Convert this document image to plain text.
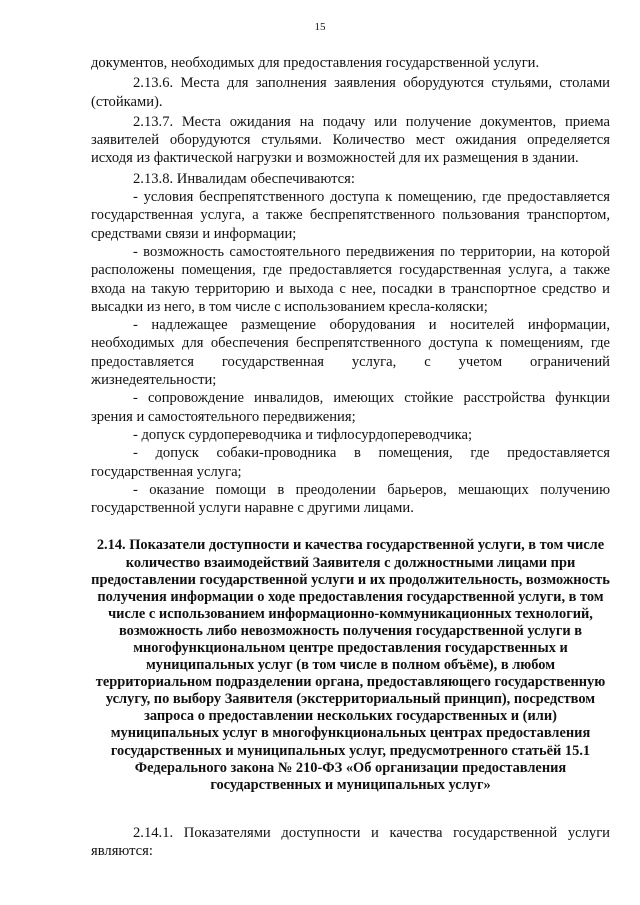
15

документов, необходимых для предоставления государственной услуги.

2.13.6. Места для заполнения заявления оборудуются стульями, столами (стойками).

2.13.7. Места ожидания на подачу или получение документов, приема заявителей оборудуются стульями. Количество мест ожидания определяется исходя из фактической нагрузки и возможностей для их размещения в здании.

2.13.8. Инвалидам обеспечиваются:

- условия беспрепятственного доступа к помещению, где предоставляется государственная услуга, а также беспрепятственного пользования транспортом, средствами связи и информации;

- возможность самостоятельного передвижения по территории, на которой расположены помещения, где предоставляется государственная услуга, а также входа на такую территорию и выхода с нее, посадки в транспортное средство и высадки из него, в том числе с использованием кресла-коляски;

- надлежащее размещение оборудования и носителей информации, необходимых для обеспечения беспрепятственного доступа к помещениям, где предоставляется государственная услуга, с учетом ограничений жизнедеятельности;

- сопровождение инвалидов, имеющих стойкие расстройства функции зрения и самостоятельного передвижения;

- допуск сурдопереводчика и тифлосурдопереводчика;

- допуск собаки-проводника в помещения, где предоставляется государственная услуга;

- оказание помощи в преодолении барьеров, мешающих получению государственной услуги наравне с другими лицами.

2.14. Показатели доступности и качества государственной услуги, в том числе количество взаимодействий Заявителя с должностными лицами при предоставлении государственной услуги и их продолжительность, возможность получения информации о ходе предоставления государственной услуги, в том числе с использованием информационно-коммуникационных технологий, возможность либо невозможность получения государственной услуги в многофункциональном центре предоставления государственных и муниципальных услуг (в том числе в полном объёме), в любом территориальном подразделении органа, предоставляющего государственную услугу, по выбору Заявителя (экстерриториальный принцип), посредством запроса о предоставлении нескольких государственных и (или) муниципальных услуг в многофункциональных центрах предоставления государственных и муниципальных услуг, предусмотренного статьёй 15.1 Федерального закона № 210-ФЗ «Об организации предоставления государственных и муниципальных услуг»

2.14.1. Показателями доступности и качества государственной услуги являются:
